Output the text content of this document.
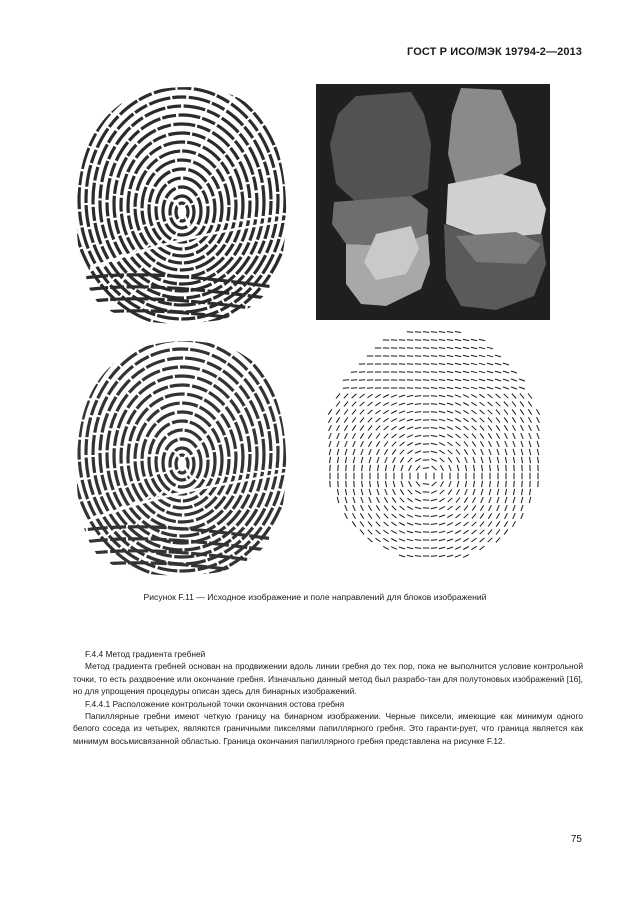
ГОСТ Р ИСО/МЭК 19794-2—2013
Рисунок F.11 — Исходное изображение и поле направлений для блоков изображений

F.4.4 Метод градиента гребней

Метод градиента гребней основан на продвижении вдоль линии гребня до тех пор, пока не выполнится условие контрольной точки, то есть раздвоение или окончание гребня. Изначально данный метод был разрабо-тан для полутоновых изображений [16], но для упрощения процедуры описан здесь для бинарных изображений.

F.4.4.1 Расположение контрольной точки окончания остова гребня

Папиллярные гребни имеют четкую границу на бинарном изображении. Черные пиксели, имеющие как минимум одного белого соседа из четырех, являются граничными пикселями папиллярного гребня. Это гаранти-рует, что граница является как минимум восьмисвязанной областью. Граница окончания папиллярного гребня представлена на рисунке F.12.

75
